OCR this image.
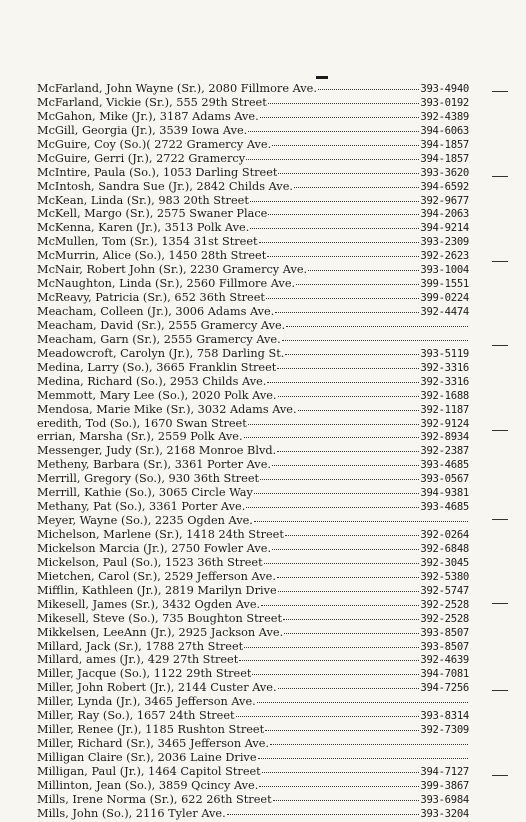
McFarland, John Wayne (Sr.), 2080 Fillmore Ave.	393-4940
McFarland, Vickie (Sr.), 555 29th Street	393-0192
McGahon, Mike (Jr.), 3187 Adams Ave.	392-4389
McGill, Georgia (Jr.), 3539 Iowa Ave.	394-6063
McGuire, Coy (So.)( 2722 Gramercy Ave.	394-1857
McGuire, Gerri (Jr.), 2722 Gramercy	394-1857
McIntire, Paula (So.), 1053 Darling Street	393-3620
McIntosh, Sandra Sue (Jr.), 2842 Childs Ave.	394-6592
McKean, Linda (Sr.), 983 20th Street	392-9677
McKell, Margo (Sr.), 2575 Swaner Place	394-2063
McKenna, Karen (Jr.), 3513 Polk Ave.	394-9214
McMullen, Tom (Sr.), 1354 31st Street	393-2309
McMurrin, Alice (So.), 1450 28th Street	392-2623
McNair, Robert John (Sr.), 2230 Gramercy Ave.	393-1004
McNaughton, Linda (Sr.), 2560 Fillmore Ave.	399-1551
McReavy, Patricia (Sr.), 652 36th Street	399-0224
Meacham, Colleen (Jr.), 3006 Adams Ave.	392-4474
Meacham, David (Sr.), 2555 Gramercy Ave.
Meacham, Garn (Sr.), 2555 Gramercy Ave.
Meadowcroft, Carolyn (Jr.), 758 Darling St.	393-5119
Medina, Larry (So.), 3665 Franklin Street	392-3316
Medina, Richard (So.), 2953 Childs Ave.	392-3316
Memmott, Mary Lee (So.), 2020 Polk Ave.	392-1688
Mendosa, Marie Mike (Sr.), 3032 Adams Ave.	392-1187
eredith, Tod (So.), 1670 Swan Street	392-9124
errian, Marsha (Sr.), 2559 Polk Ave.	392-8934
Messenger, Judy (Sr.), 2168 Monroe Blvd.	392-2387
Metheny, Barbara (Sr.), 3361 Porter Ave.	393-4685
Merrill, Gregory (So.), 930 36th Street	393-0567
Merrill, Kathie (So.), 3065 Circle Way	394-9381
Methany, Pat (So.), 3361 Porter Ave.	393-4685
Meyer, Wayne (So.), 2235 Ogden Ave.
Michelson, Marlene (Sr.), 1418 24th Street	392-0264
Mickelson Marcia (Jr.), 2750 Fowler Ave.	392-6848
Mickelson, Paul (So.), 1523 36th Street	392-3045
Mietchen, Carol (Sr.), 2529 Jefferson Ave.	392-5380
Mifflin, Kathleen (Jr.), 2819 Marilyn Drive	392-5747
Mikesell, James (Sr.), 3432 Ogden Ave.	392-2528
Mikesell, Steve (So.), 735 Boughton Street	392-2528
Mikkelsen, LeeAnn (Jr.), 2925 Jackson Ave.	393-8507
Millard, Jack (Sr.), 1788 27th Street	393-8507
Millard, ames (Jr.), 429 27th Street	392-4639
Miller, Jacque (So.), 1122 29th Street	394-7081
Miller, John Robert (Jr.), 2144 Custer Ave.	394-7256
Miller, Lynda (Jr.), 3465 Jefferson Ave.
Miller, Ray (So.), 1657 24th Street	393-8314
Miller, Renee (Jr.), 1185 Rushton Street	392-7309
Miller, Richard (Sr.), 3465 Jefferson Ave.
Milligan Claire (Sr.), 2036 Laine Drive
Milligan, Paul (Jr.), 1464 Capitol Street	394-7127
Millinton, Jean (So.), 3859 Qcincy Ave.	399-3867
Mills, Irene Norma (Sr.), 622 26th Street	393-6984
Mills, John (So.), 2116 Tyler Ave.	393-3204
